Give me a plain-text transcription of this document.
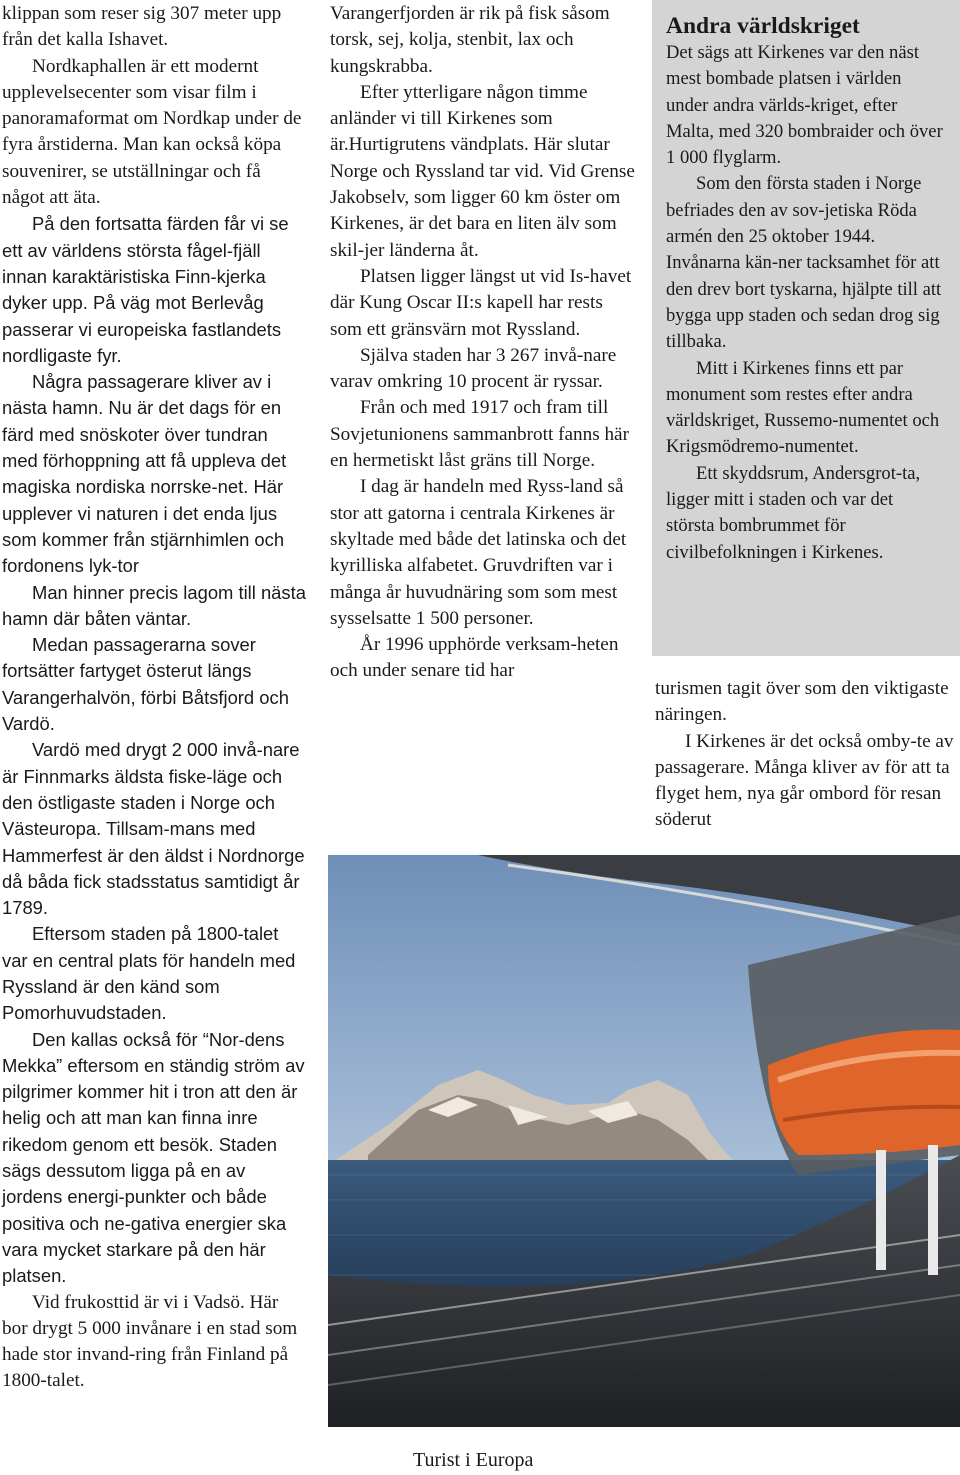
klippan som reser sig 307 meter upp från det kalla Ishavet.

Nordkaphallen är ett modernt upplevelsecenter som visar film i panoramaformat om Nordkap under de fyra årstiderna. Man kan också köpa souvenirer, se utställningar och få något att äta.

På den fortsatta färden får vi se ett av världens största fågel-fjäll innan karaktäristiska Finn-kjerka dyker upp. På väg mot Berlevåg passerar vi europeiska fastlandets nordligaste fyr.

Några passagerare kliver av i nästa hamn. Nu är det dags för en färd med snöskoter över tundran med förhoppning att få uppleva det magiska nordiska norrske-net. Här upplever vi naturen i det enda ljus som kommer från stjärnhimlen och fordonens lyk-tor

Man hinner precis lagom till nästa hamn där båten väntar.

Medan passagerarna sover fortsätter fartyget österut längs Varangerhalvön, förbi Båtsfjord och Vardö.

Vardö med drygt 2 000 invå-nare är Finnmarks äldsta fiske-läge och den östligaste staden i Norge och Västeuropa. Tillsam-mans med Hammerfest är den äldst i Nordnorge då båda fick stadsstatus samtidigt år 1789.

Eftersom staden på 1800-talet var en central plats för handeln med Ryssland är den känd som Pomorhuvudstaden.

Den kallas också för “Nor-dens Mekka” eftersom en ständig ström av pilgrimer kommer hit i tron att den är helig och att man kan finna inre rikedom genom ett besök. Staden sägs dessutom ligga på en av jordens energi-punkter och både positiva och ne-gativa energier ska vara mycket starkare på den här platsen.

Vid frukosttid är vi i Vadsö. Här bor drygt 5 000 invånare i en stad som hade stor invand-ring från Finland på 1800-talet.

Varangerfjorden är rik på fisk såsom torsk, sej, kolja, stenbit, lax och kungskrabba.

Efter ytterligare någon timme anländer vi till Kirkenes som är.Hurtigrutens vändplats. Här slutar Norge och Ryssland tar vid. Vid Grense Jakobselv, som ligger 60 km öster om Kirkenes, är det bara en liten älv som skil-jer länderna åt.

Platsen ligger längst ut vid Is-havet där Kung Oscar II:s kapell har rests som ett gränsvärn mot Ryssland.

Själva staden har 3 267 invå-nare varav omkring 10 procent är ryssar.

Från och med 1917 och fram till Sovjetunionens sammanbrott fanns här en hermetiskt låst gräns till Norge.

I dag är handeln med Ryss-land så stor att gatorna i centrala Kirkenes är skyltade med både det latinska och det kyrilliska alfabetet. Gruvdriften var i många år huvudnäring som som mest sysselsatte 1 500 personer.

År 1996 upphörde verksam-heten och under senare tid har

Andra världskriget

Det sägs att Kirkenes var den näst mest bombade platsen i världen under andra världs-kriget, efter Malta, med 320 bombraider och över 1 000 flyglarm.

Som den första staden i Norge befriades den av sov-jetiska Röda armén den 25 oktober 1944. Invånarna kän-ner tacksamhet för att den drev bort tyskarna, hjälpte till att bygga upp staden och sedan drog sig tillbaka.

Mitt i Kirkenes finns ett par monument som restes efter andra världskriget, Russemo-numentet och Krigsmödremo-numentet.

Ett skyddsrum, Andersgrot-ta, ligger mitt i staden och var det största bombrummet för civilbefolkningen i Kirkenes.

turismen tagit över som den viktigaste näringen.

I Kirkenes är det också omby-te av passagerare. Många kliver av för att ta flyget hem, nya går ombord för resan söderut

Turist i Europa
